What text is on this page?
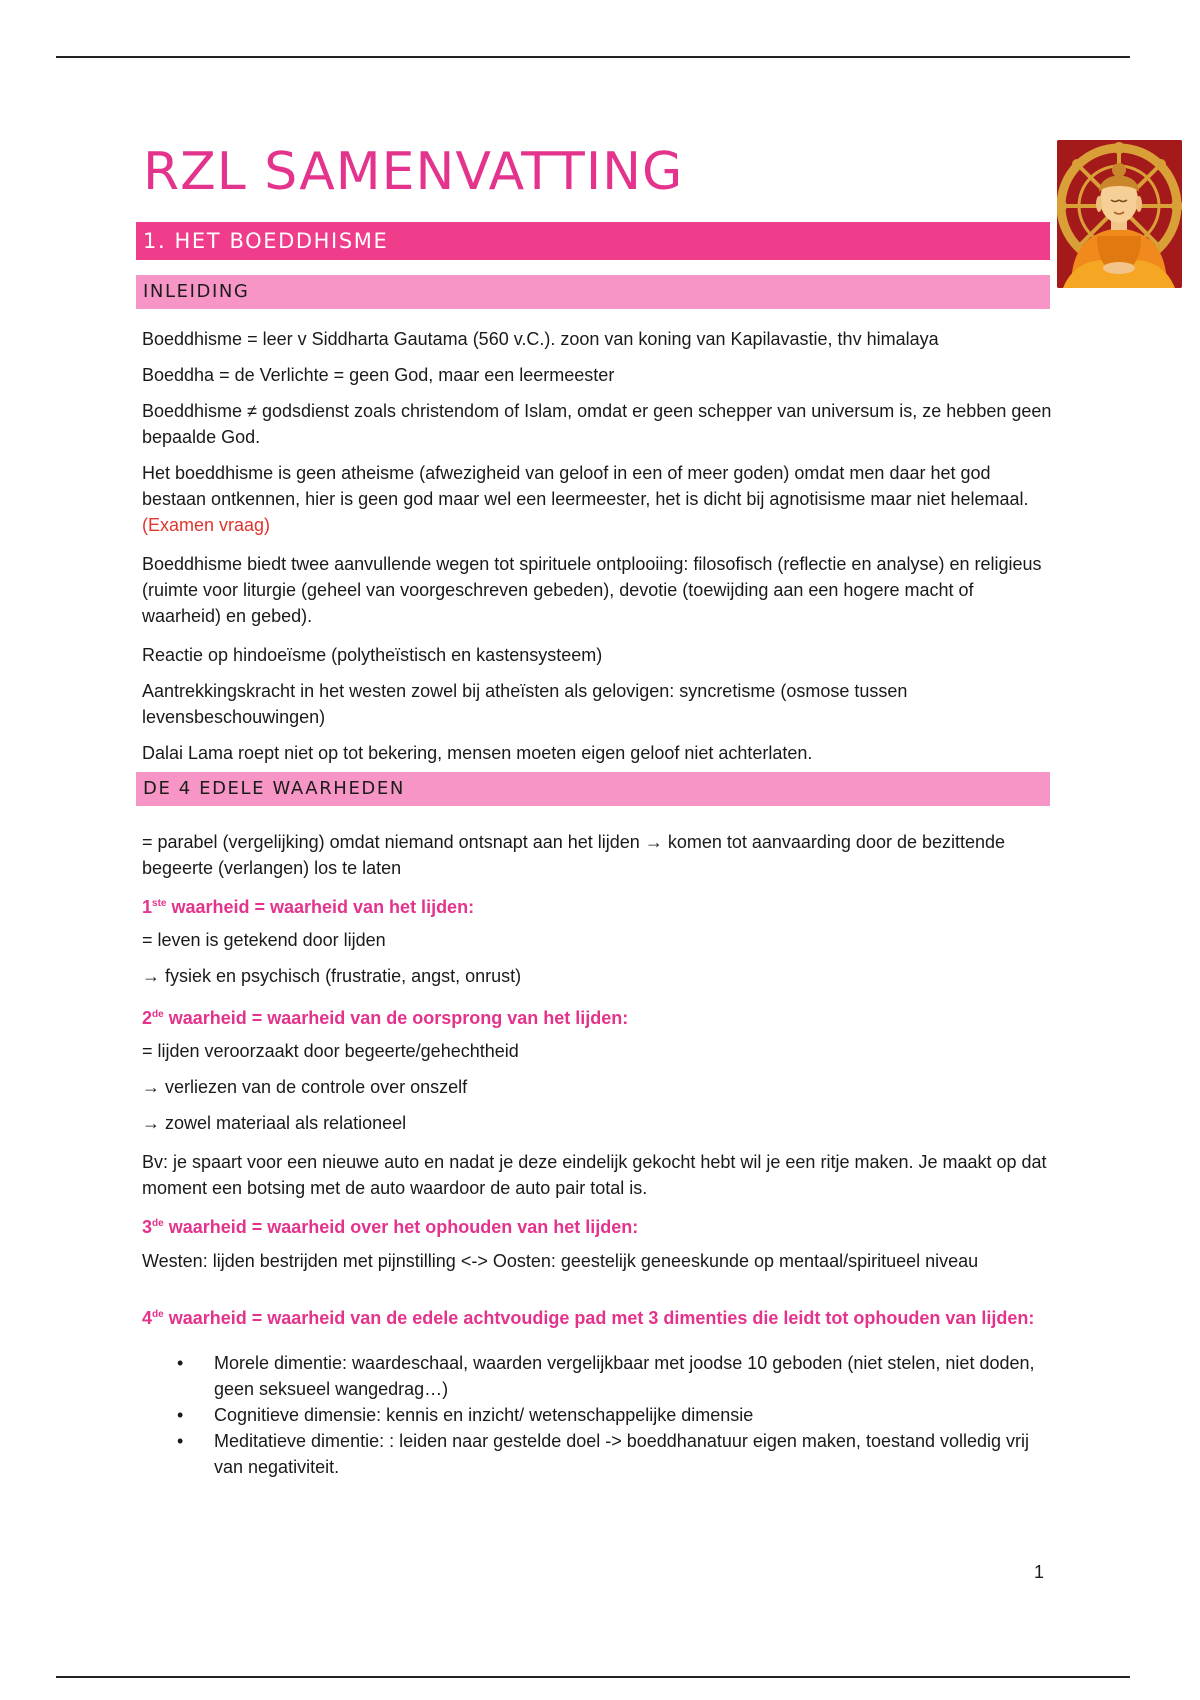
RZL SAMENVATTING
1. HET BOEDDHISME
INLEIDING

Boeddhisme = leer v Siddharta Gautama (560 v.C.). zoon van koning van Kapilavastie, thv himalaya

Boeddha = de Verlichte = geen God, maar een leermeester

Boeddhisme ≠ godsdienst zoals christendom of Islam, omdat er geen schepper van universum is, ze hebben geen bepaalde God.

Het boeddhisme is geen atheisme (afwezigheid van geloof in een of meer goden) omdat men daar het god bestaan ontkennen, hier is geen god maar wel een leermeester, het is dicht bij agnotisisme maar niet helemaal. (Examen vraag)

Boeddhisme biedt twee aanvullende wegen tot spirituele ontplooiing: filosofisch (reflectie en analyse) en religieus (ruimte voor liturgie (geheel van voorgeschreven gebeden), devotie (toewijding aan een hogere macht of waarheid) en gebed).

Reactie op hindoeïsme (polytheïstisch en kastensysteem)

Aantrekkingskracht in het westen zowel bij atheïsten als gelovigen: syncretisme (osmose tussen levensbeschouwingen)

Dalai Lama roept niet op tot bekering, mensen moeten eigen geloof niet achterlaten.

DE 4 EDELE WAARHEDEN

= parabel (vergelijking) omdat niemand ontsnapt aan het lijden → komen tot aanvaarding door de bezittende begeerte (verlangen) los te laten

1ste waarheid = waarheid van het lijden:

= leven is getekend door lijden

→ fysiek en psychisch (frustratie, angst, onrust)

2de waarheid = waarheid van de oorsprong van het lijden:

= lijden veroorzaakt door begeerte/gehechtheid

→ verliezen van de controle over onszelf

→ zowel materiaal als relationeel

Bv: je spaart voor een nieuwe auto en nadat je deze eindelijk gekocht hebt wil je een ritje maken. Je maakt op dat moment een botsing met de auto waardoor de auto pair total is.

3de waarheid = waarheid over het ophouden van het lijden:

Westen: lijden bestrijden met pijnstilling <-> Oosten: geestelijk geneeskunde op mentaal/spiritueel niveau

4de waarheid = waarheid van de edele achtvoudige pad met 3 dimenties die leidt tot ophouden van lijden:

• Morele dimentie: waardeschaal, waarden vergelijkbaar met joodse 10 geboden (niet stelen, niet doden, geen seksueel wangedrag…)
• Cognitieve dimensie: kennis en inzicht/ wetenschappelijke dimensie
• Meditatieve dimentie: : leiden naar gestelde doel -> boeddhanatuur eigen maken, toestand volledig vrij van negativiteit.
1
